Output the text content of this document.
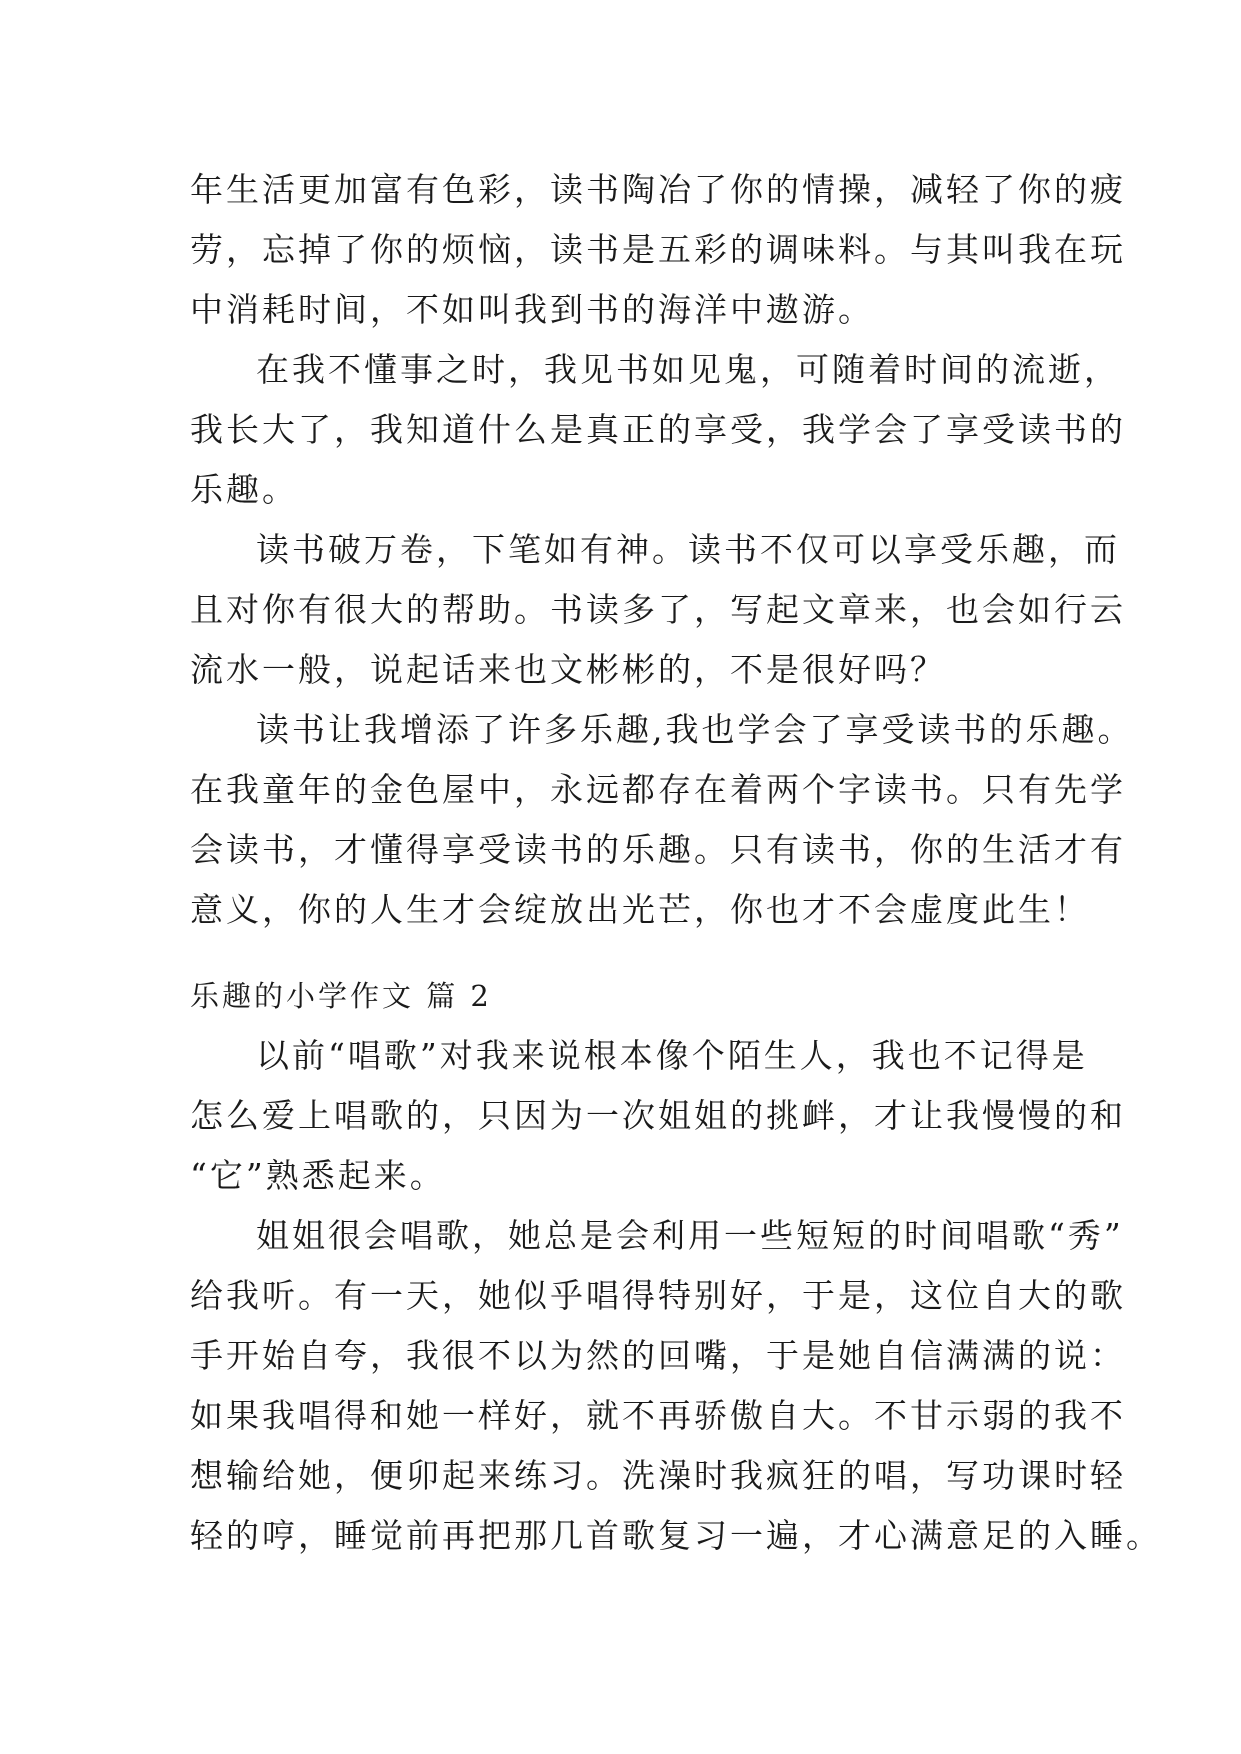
年生活更加富有色彩，读书陶冶了你的情操，减轻了你的疲
劳，忘掉了你的烦恼，读书是五彩的调味料。与其叫我在玩
中消耗时间，不如叫我到书的海洋中遨游。
在我不懂事之时，我见书如见鬼，可随着时间的流逝，
我长大了，我知道什么是真正的享受，我学会了享受读书的
乐趣。
读书破万卷，下笔如有神。读书不仅可以享受乐趣，而
且对你有很大的帮助。书读多了，写起文章来，也会如行云
流水一般，说起话来也文彬彬的，不是很好吗？
读书让我增添了许多乐趣,我也学会了享受读书的乐趣。
在我童年的金色屋中，永远都存在着两个字读书。只有先学
会读书，才懂得享受读书的乐趣。只有读书，你的生活才有
意义，你的人生才会绽放出光芒，你也才不会虚度此生！
乐趣的小学作文 篇 2
以前“唱歌”对我来说根本像个陌生人，我也不记得是
怎么爱上唱歌的，只因为一次姐姐的挑衅，才让我慢慢的和
“它”熟悉起来。
姐姐很会唱歌，她总是会利用一些短短的时间唱歌“秀”
给我听。有一天，她似乎唱得特别好，于是，这位自大的歌
手开始自夸，我很不以为然的回嘴，于是她自信满满的说：
如果我唱得和她一样好，就不再骄傲自大。不甘示弱的我不
想输给她，便卯起来练习。洗澡时我疯狂的唱，写功课时轻
轻的哼，睡觉前再把那几首歌复习一遍，才心满意足的入睡。
